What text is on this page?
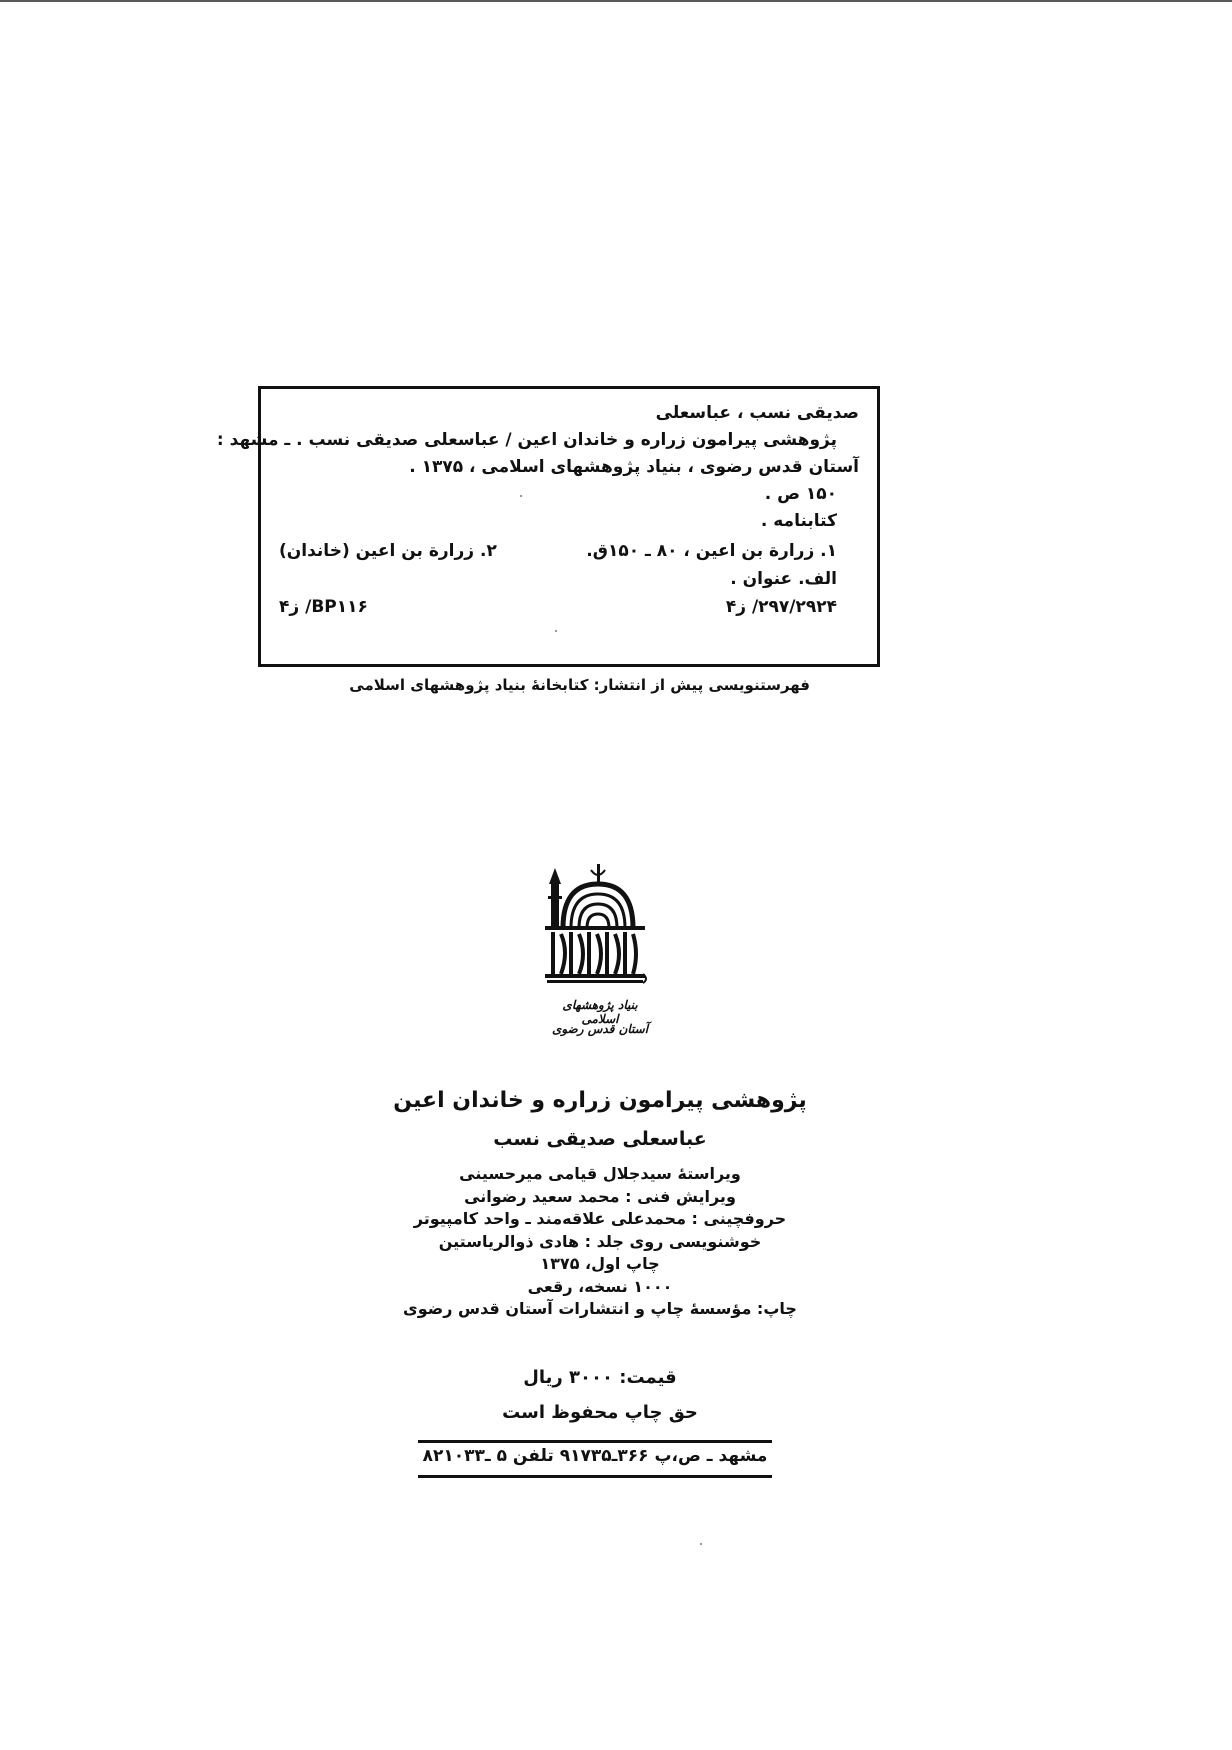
صدیقی نسب ، عباسعلی
پژوهشی پیرامون زراره و خاندان اعین / عباسعلی صدیقی نسب . ـ مشهد :
آستان قدس رضوی ، بنیاد پژوهشهای اسلامی ، ۱۳۷۵ .
۱۵۰ ص .
کتابنامه .
۱. زرارة بن اعین ، ۸۰ ـ ۱۵۰ق.
۲. زرارة بن اعین (خاندان)
الف. عنوان .
۲۹۷/۲۹۲۴/ ز۴
BP۱۱۶/ ز۴
فهرستنویسی پیش از انتشار: کتابخانهٔ بنیاد پژوهشهای اسلامی
بنیاد پژوهشهای اسلامی
آستان قدس رضوی
پژوهشی پیرامون زراره و خاندان اعین
عباسعلی صدیقی نسب
ویراستهٔ سیدجلال قیامی میرحسینی
ویرایش فنی : محمد سعید رضوانی
حروفچینی : محمدعلی علاقه‌مند ـ واحد کامپیوتر
خوشنویسی روی جلد : هادی ذوالریاستین
چاپ اول، ۱۳۷۵
۱۰۰۰ نسخه، رقعی
چاپ: مؤسسهٔ چاپ و انتشارات آستان قدس رضوی
قیمت: ۳۰۰۰ ریال
حق چاپ محفوظ است
مشهد ـ ص،پ ۳۶۶ـ۹۱۷۳۵ تلفن ۵ ـ۸۲۱۰۳۳
